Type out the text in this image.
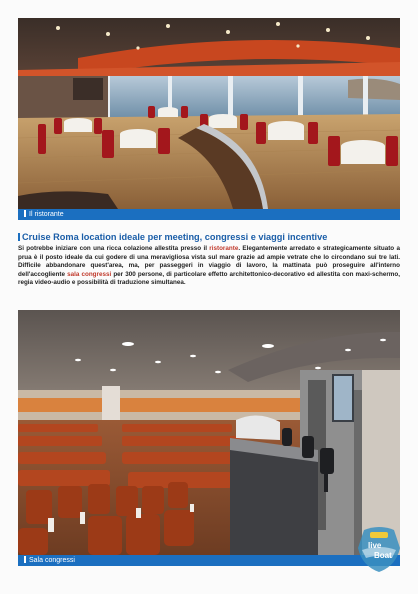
Il ristorante

Cruise Roma location ideale per meeting, congressi e viaggi incentive

Si potrebbe iniziare con una ricca colazione allestita presso il ristorante. Elegantemente arredato e strategicamente situato a prua è il posto ideale da cui godere di una meravigliosa vista sul mare grazie ad ampie vetrate che lo circondano sui tre lati. Difficile abbandonare quest'area, ma, per passeggeri in viaggio di lavoro, la mattinata può proseguire all'interno dell'accogliente sala congressi per 300 persone, di particolare effetto architettonico-decorativo ed allestita con maxi-schermo, regia video-audio e possibilità di traduzione simultanea.

Sala congressi
live
Boat
